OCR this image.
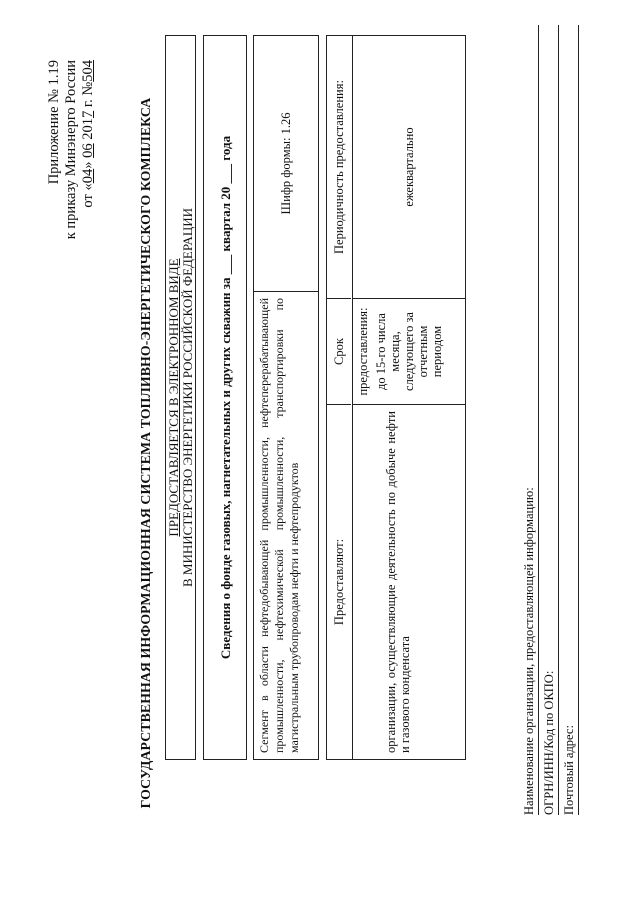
Приложение № 1.19 к приказу Минэнерго России от «04» 06 2017 г. №504
ГОСУДАРСТВЕННАЯ ИНФОРМАЦИОННАЯ СИСТЕМА ТОПЛИВНО-ЭНЕРГЕТИЧЕСКОГО КОМПЛЕКСА ПРЕДОСТАВЛЯЕТСЯ В ЭЛЕКТРОННОМ ВИДЕ В МИНИСТЕРСТВО ЭНЕРГЕТИКИ РОССИЙСКОЙ ФЕДЕРАЦИИ	Сведения о фонде газовых, нагнетательных и других скважин за ___ квартал 20 ___ года	Сегмент в области нефтедобывающей промышленности, нефтеперерабатывающей промышленности, нефтехимической промышленности, транспортировки по магистральным трубопроводам нефти и нефтепродуктов
Шифр формы: 1.26
Предоставляют:
Срок предоставления:
Периодичность предоставления:
организации, осуществляющие деятельность по добыче нефти и газового конденсата
до 15-го числа месяца, следующего за отчетным периодом
ежеквартально
Наименование организации, предоставляющей информацию: ОГРН/ИНН/Код по ОКПО: Почтовый адрес:
